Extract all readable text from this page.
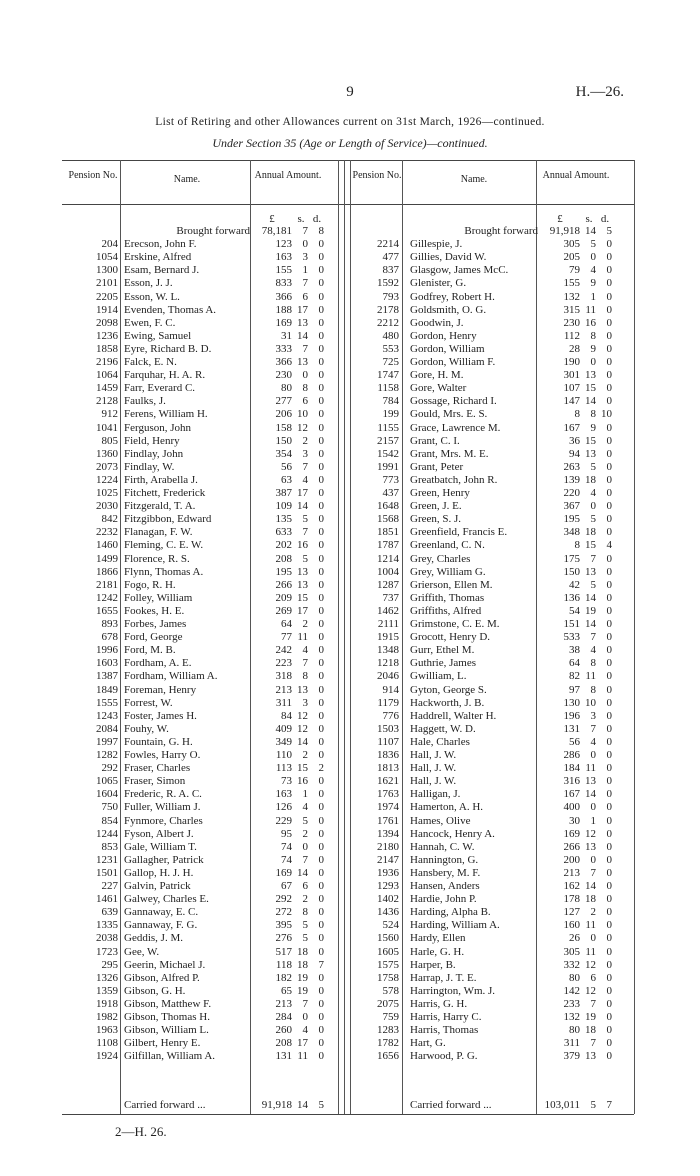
9	H.—26.
List of Retiring and other Allowances current on 31st March, 1926—continued.
Under Section 35 (Age or Length of Service)—continued.
Pension No.	Name.	Annual Amount.
£	s. d.
Pension No.	Name.	Annual Amount.
£	s. d.
Brought forward	78,181 7 8
204 Erecson, John F.	123 0 0
1054 Erskine, Alfred	163 3 0
1300 Esam, Bernard J.	155 1 0
2101 Esson, J. J.	833 7 0
2205 Esson, W. L.	366 6 0
1914 Evenden, Thomas A.	188 17 0
2098 Ewen, F. C.	169 13 0
1236 Ewing, Samuel	31 14 0
1858 Eyre, Richard B. D.	333 7 0
2196 Falck, E. N.	366 13 0
1064 Farquhar, H. A. R.	230 0 0
1459 Farr, Everard C.	80 8 0
2128 Faulks, J.	277 6 0
912 Ferens, William H.	206 10 0
1041 Ferguson, John	158 12 0
805 Field, Henry	150 2 0
1360 Findlay, John	354 3 0
2073 Findlay, W.	56 7 0
1224 Firth, Arabella J.	63 4 0
1025 Fitchett, Frederick	387 17 0
2030 Fitzgerald, T. A.	109 14 0
842 Fitzgibbon, Edward	135 5 0
2232 Flanagan, F. W.	633 7 0
1460 Fleming, C. E. W.	202 16 0
1499 Florence, R. S.	208 5 0
1866 Flynn, Thomas A.	195 13 0
2181 Fogo, R. H.	266 13 0
1242 Folley, William	209 15 0
1655 Fookes, H. E.	269 17 0
893 Forbes, James	64 2 0
678 Ford, George	77 11 0
1996 Ford, M. B.	242 4 0
1603 Fordham, A. E.	223 7 0
1387 Fordham, William A.	318 8 0
1849 Foreman, Henry	213 13 0
1555 Forrest, W.	311 3 0
1243 Foster, James H.	84 12 0
2084 Fouhy, W.	409 12 0
1997 Fountain, G. H.	349 14 0
1282 Fowles, Harry O.	110 2 0
292 Fraser, Charles	113 15 2
1065 Fraser, Simon	73 16 0
1604 Frederic, R. A. C.	163 1 0
750 Fuller, William J.	126 4 0
854 Fynmore, Charles	229 5 0
1244 Fyson, Albert J.	95 2 0
853 Gale, William T.	74 0 0
1231 Gallagher, Patrick	74 7 0
1501 Gallop, H. J. H.	169 14 0
227 Galvin, Patrick	67 6 0
1461 Galwey, Charles E.	292 2 0
639 Gannaway, E. C.	272 8 0
1335 Gannaway, F. G.	395 5 0
2038 Geddis, J. M.	276 5 0
1723 Gee, W.	517 18 0
295 Geerin, Michael J.	118 18 7
1326 Gibson, Alfred P.	182 19 0
1359 Gibson, G. H.	65 19 0
1918 Gibson, Matthew F.	213 7 0
1982 Gibson, Thomas H.	284 0 0
1963 Gibson, William L.	260 4 0
1108 Gilbert, Henry E.	208 17 0
1924 Gilfillan, William A.	131 11 0
Carried forward ...	91,918 14 5
Brought forward	91,918 14 5
2214 Gillespie, J.	305 5 0
477 Gillies, David W.	205 0 0
837 Glasgow, James McC.	79 4 0
1592 Glenister, G.	155 9 0
793 Godfrey, Robert H.	132 1 0
2178 Goldsmith, O. G.	315 11 0
2212 Goodwin, J.	230 16 0
480 Gordon, Henry	112 8 0
553 Gordon, William	28 9 0
725 Gordon, William F.	190 0 0
1747 Gore, H. M.	301 13 0
1158 Gore, Walter	107 15 0
784 Gossage, Richard I.	147 14 0
199 Gould, Mrs. E. S.	8 8 10
1155 Grace, Lawrence M.	167 9 0
2157 Grant, C. I.	36 15 0
1542 Grant, Mrs. M. E.	94 13 0
1991 Grant, Peter	263 5 0
773 Greatbatch, John R.	139 18 0
437 Green, Henry	220 4 0
1648 Green, J. E.	367 0 0
1568 Green, S. J.	195 5 0
1851 Greenfield, Francis E.	348 18 0
1787 Greenland, C. N.	8 15 4
1214 Grey, Charles	175 7 0
1004 Grey, William G.	150 13 0
1287 Grierson, Ellen M.	42 5 0
737 Griffith, Thomas	136 14 0
1462 Griffiths, Alfred	54 19 0
2111 Grimstone, C. E. M.	151 14 0
1915 Grocott, Henry D.	533 7 0
1348 Gurr, Ethel M.	38 4 0
1218 Guthrie, James	64 8 0
2046 Gwilliam, L.	82 11 0
914 Gyton, George S.	97 8 0
1179 Hackworth, J. B.	130 10 0
776 Haddrell, Walter H.	196 3 0
1503 Haggett, W. D.	131 7 0
1107 Hale, Charles	56 4 0
1836 Hall, J. W.	286 0 0
1813 Hall, J. W.	184 11 0
1621 Hall, J. W.	316 13 0
1763 Halligan, J.	167 14 0
1974 Hamerton, A. H.	400 0 0
1761 Hames, Olive	30 1 0
1394 Hancock, Henry A.	169 12 0
2180 Hannah, C. W.	266 13 0
2147 Hannington, G.	200 0 0
1936 Hansbery, M. F.	213 7 0
1293 Hansen, Anders	162 14 0
1402 Hardie, John P.	178 18 0
1436 Harding, Alpha B.	127 2 0
524 Harding, William A.	160 11 0
1560 Hardy, Ellen	26 0 0
1605 Harle, G. H.	305 11 0
1575 Harper, B.	332 12 0
1758 Harrap, J. T. E.	80 6 0
578 Harrington, Wm. J.	142 12 0
2075 Harris, G. H.	233 7 0
759 Harris, Harry C.	132 19 0
1283 Harris, Thomas	80 18 0
1782 Hart, G.	311 7 0
1656 Harwood, P. G.	379 13 0
Carried forward ...	103,011 5 7
2—H. 26.
